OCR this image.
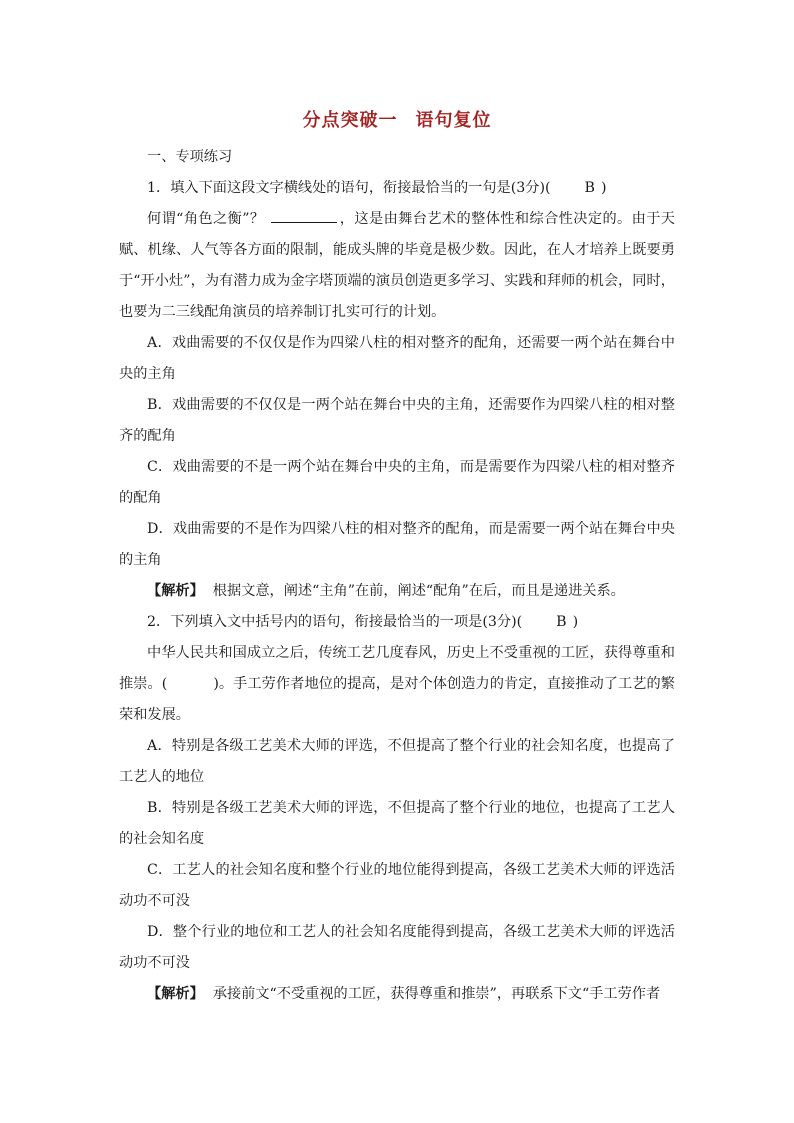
分点突破一 语句复位

一、专项练习

1．填入下面这段文字横线处的语句，衔接最恰当的一句是(3分)( B )

何谓“角色之衡”？	，这是由舞台艺术的整体性和综合性决定的。由于天赋、机缘、人气等各方面的限制，能成头牌的毕竟是极少数。因此，在人才培养上既要勇于“开小灶”，为有潜力成为金字塔顶端的演员创造更多学习、实践和拜师的机会，同时，也要为二三线配角演员的培养制订扎实可行的计划。

A．戏曲需要的不仅仅是作为四梁八柱的相对整齐的配角，还需要一两个站在舞台中央的主角

B．戏曲需要的不仅仅是一两个站在舞台中央的主角，还需要作为四梁八柱的相对整齐的配角

C．戏曲需要的不是一两个站在舞台中央的主角，而是需要作为四梁八柱的相对整齐的配角

D．戏曲需要的不是作为四梁八柱的相对整齐的配角，而是需要一两个站在舞台中央的主角

【解析】 根据文意，阐述“主角”在前，阐述“配角”在后，而且是递进关系。

2．下列填入文中括号内的语句，衔接最恰当的一项是(3分)( B )

中华人民共和国成立之后，传统工艺几度春风，历史上不受重视的工匠，获得尊重和推崇。(	)。手工劳作者地位的提高，是对个体创造力的肯定，直接推动了工艺的繁荣和发展。

A．特别是各级工艺美术大师的评选，不但提高了整个行业的社会知名度，也提高了工艺人的地位

B．特别是各级工艺美术大师的评选，不但提高了整个行业的地位，也提高了工艺人的社会知名度

C．工艺人的社会知名度和整个行业的地位能得到提高，各级工艺美术大师的评选活动功不可没

D．整个行业的地位和工艺人的社会知名度能得到提高，各级工艺美术大师的评选活动功不可没

【解析】 承接前文“不受重视的工匠，获得尊重和推崇”，再联系下文“手工劳作者
